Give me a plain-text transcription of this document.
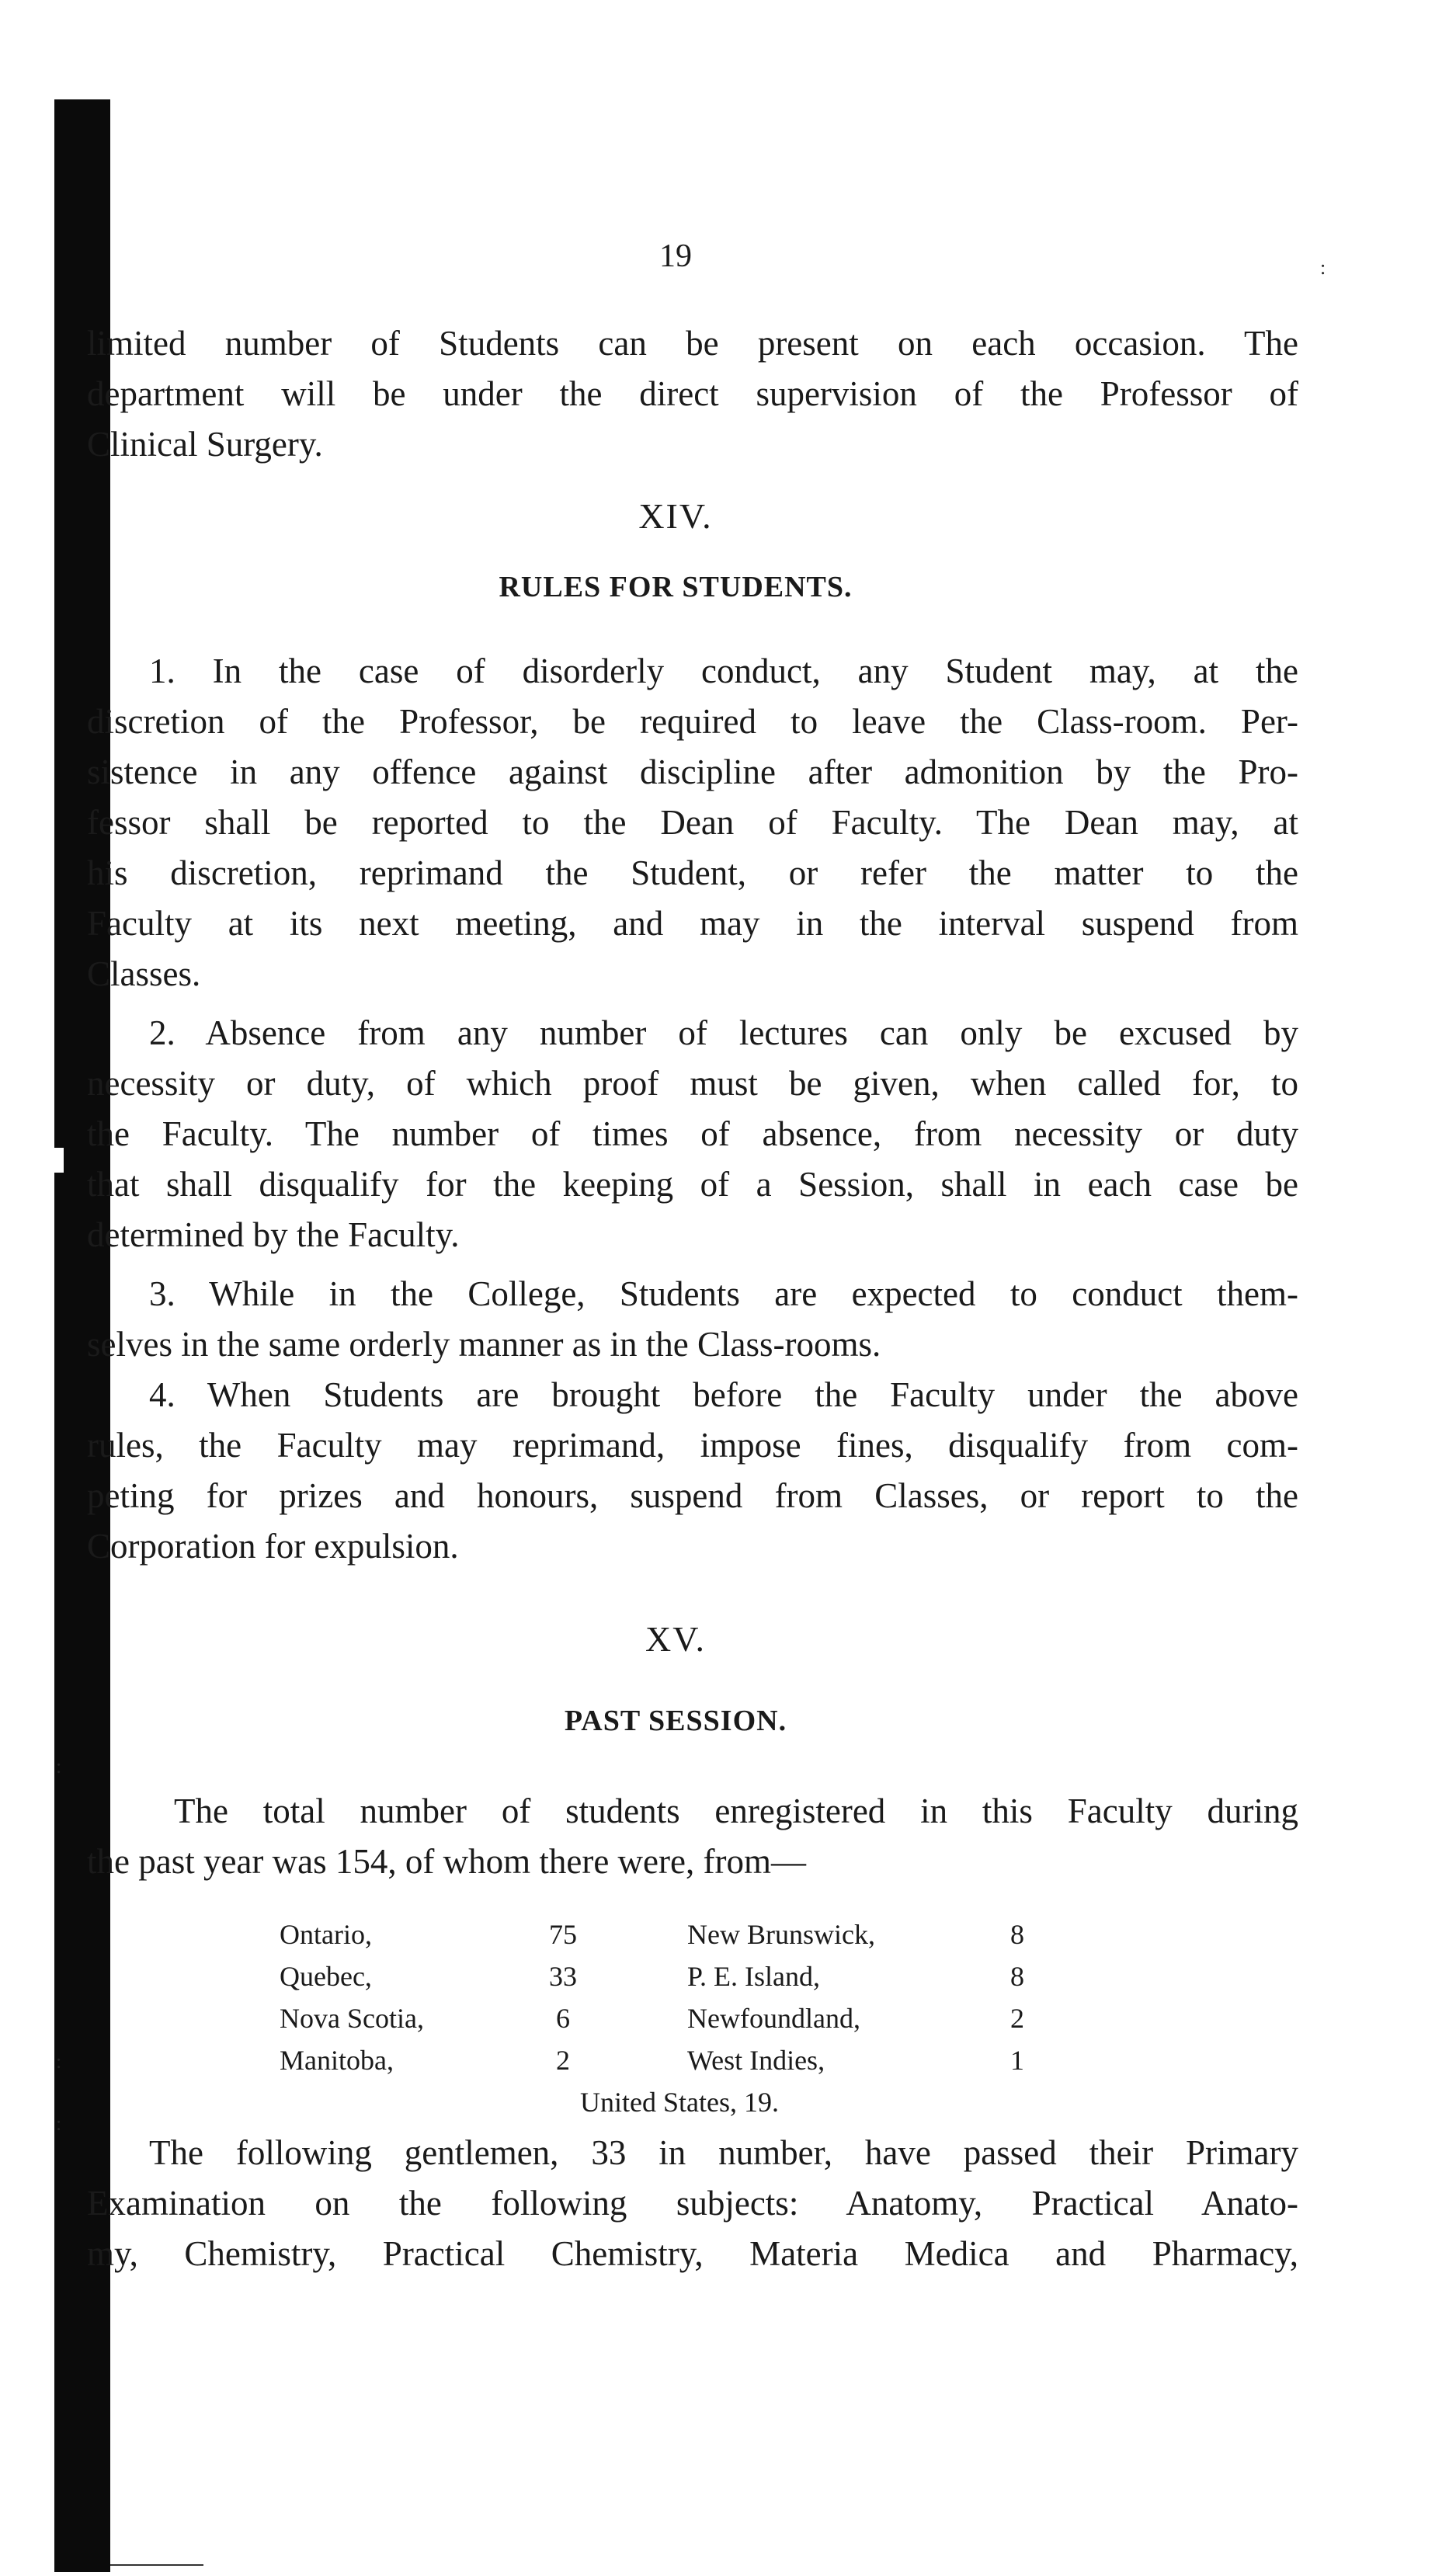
:
:
:
:
19
limited number of Students can be present on each occasion. The
department will be under the direct supervision of the Professor of
Clinical Surgery.
XIV.
RULES FOR STUDENTS.
1. In the case of disorderly conduct, any Student may, at the
discretion of the Professor, be required to leave the Class-room. Per-
sistence in any offence against discipline after admonition by the Pro-
fessor shall be reported to the Dean of Faculty. The Dean may, at
his discretion, reprimand the Student, or refer the matter to the
Faculty at its next meeting, and may in the interval suspend from
Classes.
2. Absence from any number of lectures can only be excused by
necessity or duty, of which proof must be given, when called for, to
the Faculty. The number of times of absence, from necessity or duty
that shall disqualify for the keeping of a Session, shall in each case be
determined by the Faculty.
3. While in the College, Students are expected to conduct them-
selves in the same orderly manner as in the Class-rooms.
4. When Students are brought before the Faculty under the above
rules, the Faculty may reprimand, impose fines, disqualify from com-
peting for prizes and honours, suspend from Classes, or report to the
Corporation for expulsion.
XV.
PAST SESSION.
The total number of students enregistered in this Faculty during
the past year was 154, of whom there were, from—
Ontario,	75	New Brunswick,	8
Quebec,	33	P. E. Island,	8
Nova Scotia,	6	Newfoundland,	2
Manitoba,	2	West Indies,	1
United States, 19.
The following gentlemen, 33 in number, have passed their Primary
Examination on the following subjects: Anatomy, Practical Anato-
my, Chemistry, Practical Chemistry, Materia Medica and Pharmacy,
